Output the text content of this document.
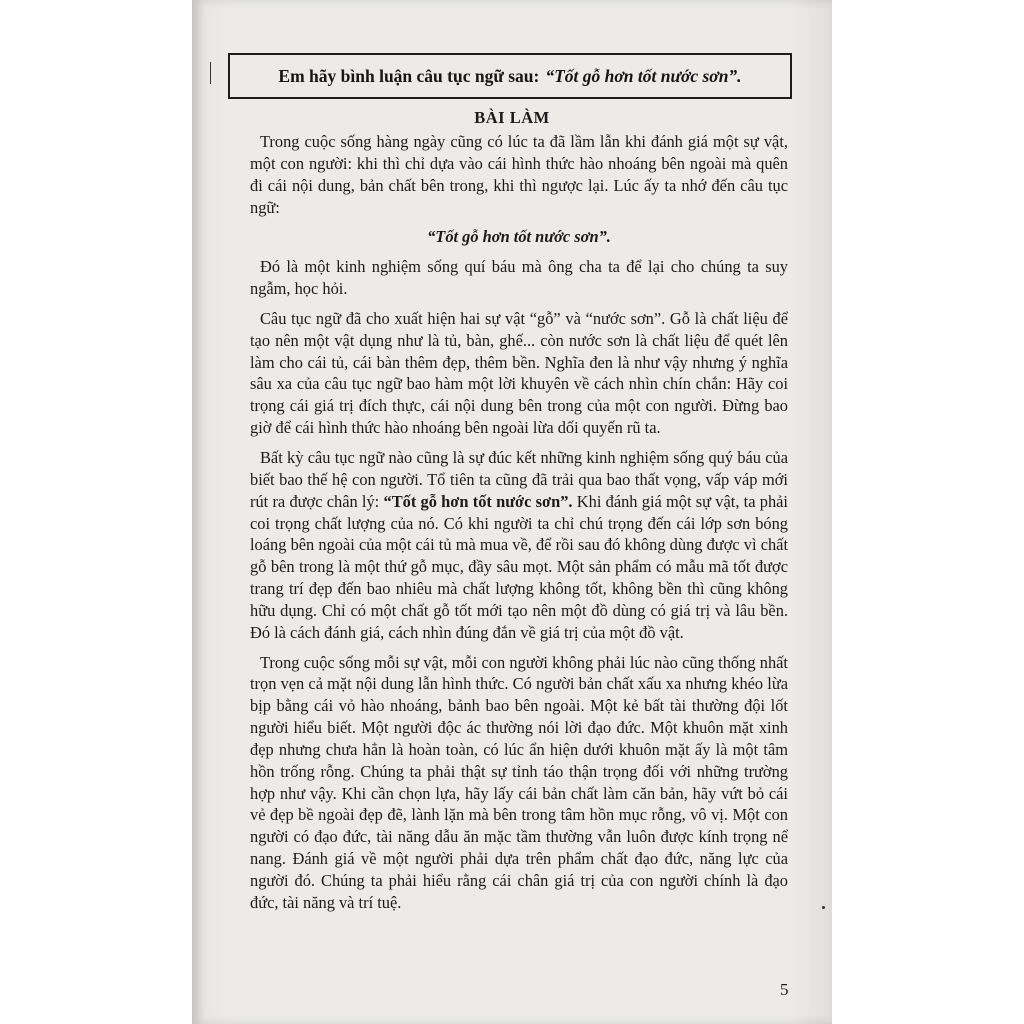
Em hãy bình luận câu tục ngữ sau: “Tốt gỗ hơn tốt nước sơn”.
BÀI LÀM

Trong cuộc sống hàng ngày cũng có lúc ta đã lầm lẫn khi đánh giá một sự vật, một con người: khi thì chỉ dựa vào cái hình thức hào nhoáng bên ngoài mà quên đi cái nội dung, bản chất bên trong, khi thì ngược lại. Lúc ấy ta nhớ đến câu tục ngữ:

“Tốt gỗ hơn tốt nước sơn”.

Đó là một kinh nghiệm sống quí báu mà ông cha ta để lại cho chúng ta suy ngẫm, học hỏi.

Câu tục ngữ đã cho xuất hiện hai sự vật “gỗ” và “nước sơn”. Gỗ là chất liệu để tạo nên một vật dụng như là tủ, bàn, ghế... còn nước sơn là chất liệu để quét lên làm cho cái tủ, cái bàn thêm đẹp, thêm bền. Nghĩa đen là như vậy nhưng ý nghĩa sâu xa của câu tục ngữ bao hàm một lời khuyên về cách nhìn chín chắn: Hãy coi trọng cái giá trị đích thực, cái nội dung bên trong của một con người. Đừng bao giờ để cái hình thức hào nhoáng bên ngoài lừa dối quyến rũ ta.

Bất kỳ câu tục ngữ nào cũng là sự đúc kết những kinh nghiệm sống quý báu của biết bao thế hệ con người. Tổ tiên ta cũng đã trải qua bao thất vọng, vấp váp mới rút ra được chân lý: “Tốt gỗ hơn tốt nước sơn”. Khi đánh giá một sự vật, ta phải coi trọng chất lượng của nó. Có khi người ta chỉ chú trọng đến cái lớp sơn bóng loáng bên ngoài của một cái tủ mà mua về, để rồi sau đó không dùng được vì chất gỗ bên trong là một thứ gỗ mục, đầy sâu mọt. Một sản phẩm có mẫu mã tốt được trang trí đẹp đến bao nhiêu mà chất lượng không tốt, không bền thì cũng không hữu dụng. Chỉ có một chất gỗ tốt mới tạo nên một đồ dùng có giá trị và lâu bền. Đó là cách đánh giá, cách nhìn đúng đắn về giá trị của một đồ vật.

Trong cuộc sống mỗi sự vật, mỗi con người không phải lúc nào cũng thống nhất trọn vẹn cả mặt nội dung lẫn hình thức. Có người bản chất xấu xa nhưng khéo lừa bịp bằng cái vỏ hào nhoáng, bảnh bao bên ngoài. Một kẻ bất tài thường đội lốt người hiểu biết. Một người độc ác thường nói lời đạo đức. Một khuôn mặt xinh đẹp nhưng chưa hẳn là hoàn toàn, có lúc ẩn hiện dưới khuôn mặt ấy là một tâm hồn trống rỗng. Chúng ta phải thật sự tỉnh táo thận trọng đối với những trường hợp như vậy. Khi cần chọn lựa, hãy lấy cái bản chất làm căn bản, hãy vứt bỏ cái vẻ đẹp bề ngoài đẹp đẽ, lành lặn mà bên trong tâm hồn mục rỗng, vô vị. Một con người có đạo đức, tài năng dẫu ăn mặc tầm thường vẫn luôn được kính trọng nể nang. Đánh giá về một người phải dựa trên phẩm chất đạo đức, năng lực của người đó. Chúng ta phải hiểu rằng cái chân giá trị của con người chính là đạo đức, tài năng và trí tuệ.

5
